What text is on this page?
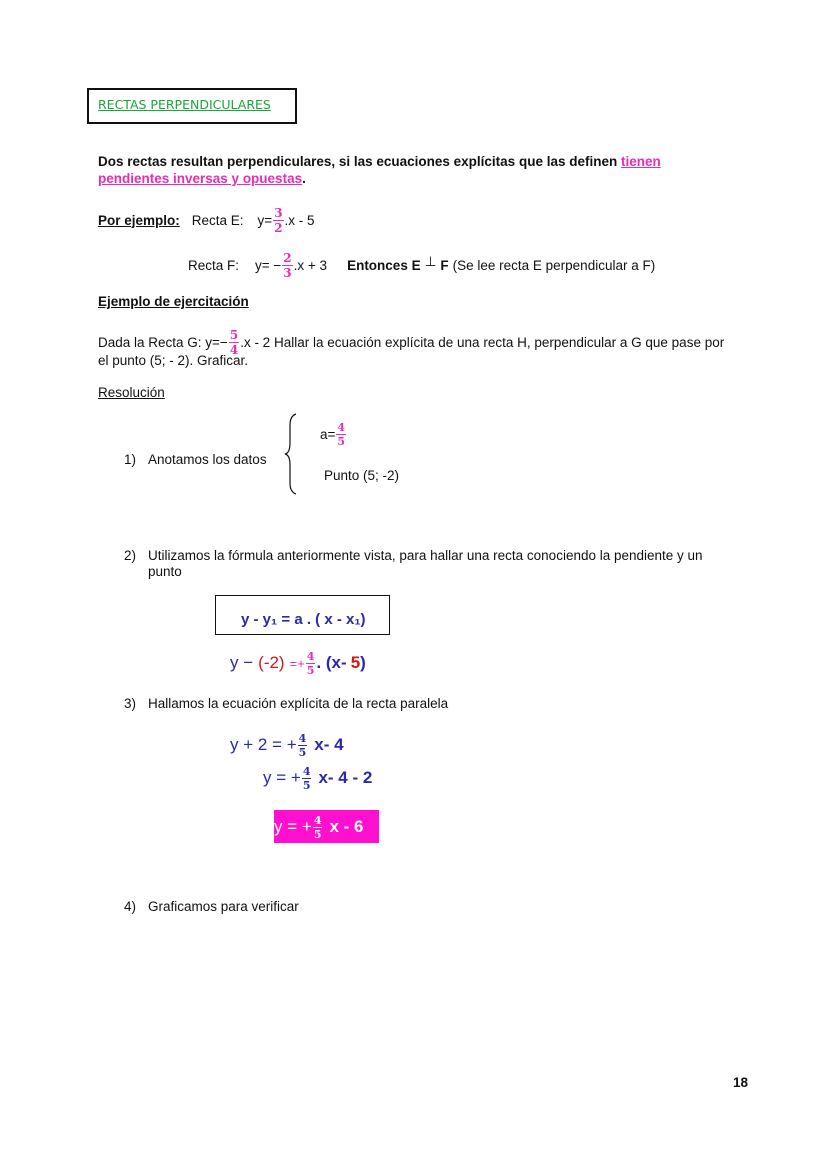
RECTAS PERPENDICULARES
Dos rectas resultan perpendiculares, si las ecuaciones explícitas que las definen tienen
pendientes inversas y opuestas.
Por ejemplo: Recta E: $y= \frac{3}{2} .x - 5$
Recta F: $y= - \frac{2}{3} .x + 3$ Entonces E ⊥ F (Se lee recta E perpendicular a F)
Ejemplo de ejercitación
Dada la Recta G: $y=- \frac{5}{4} .x - 2$ Hallar la ecuación explícita de una recta H, perpendicular a G que pase por
el punto (5; - 2). Graficar.
Resolución
1) Anotamos los datos
$a= \frac{4}{5}$
Punto (5; -2)
2) Utilizamos la fórmula anteriormente vista, para hallar una recta conociendo la pendiente y un
punto
y - y₁ = a . ( x - x₁)
$y - (-2) =+ \frac{4}{5}$ . (x- 5 )
3) Hallamos la ecuación explícita de la recta paralela
y + 2 = + $\frac{4}{5} x-$ 4
y = + $\frac{4}{5} x-$ 4 - 2
y = + $\frac{4}{5}$ x - 6
4) Graficamos para verificar
18
